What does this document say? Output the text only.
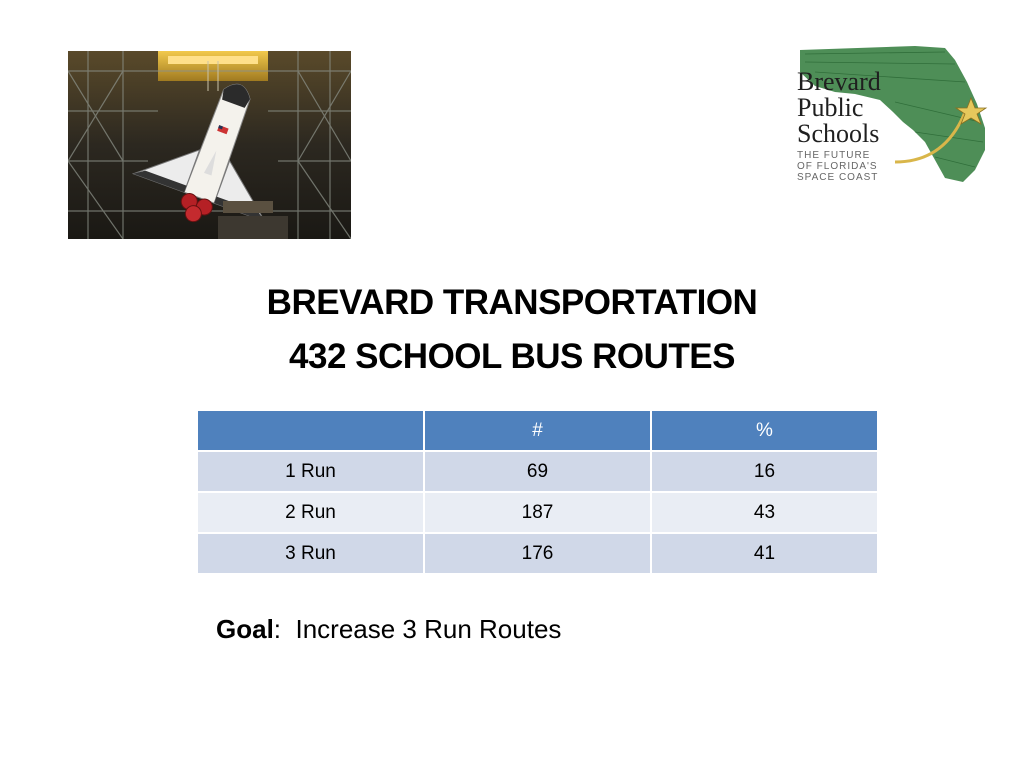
Brevard
Public
Schools
THE FUTURE
OF FLORIDA'S
SPACE COAST
BREVARD TRANSPORTATION
432 SCHOOL BUS ROUTES
	#	%
1 Run	69	16
2 Run	187	43
3 Run	176	41
Goal: Increase 3 Run Routes
